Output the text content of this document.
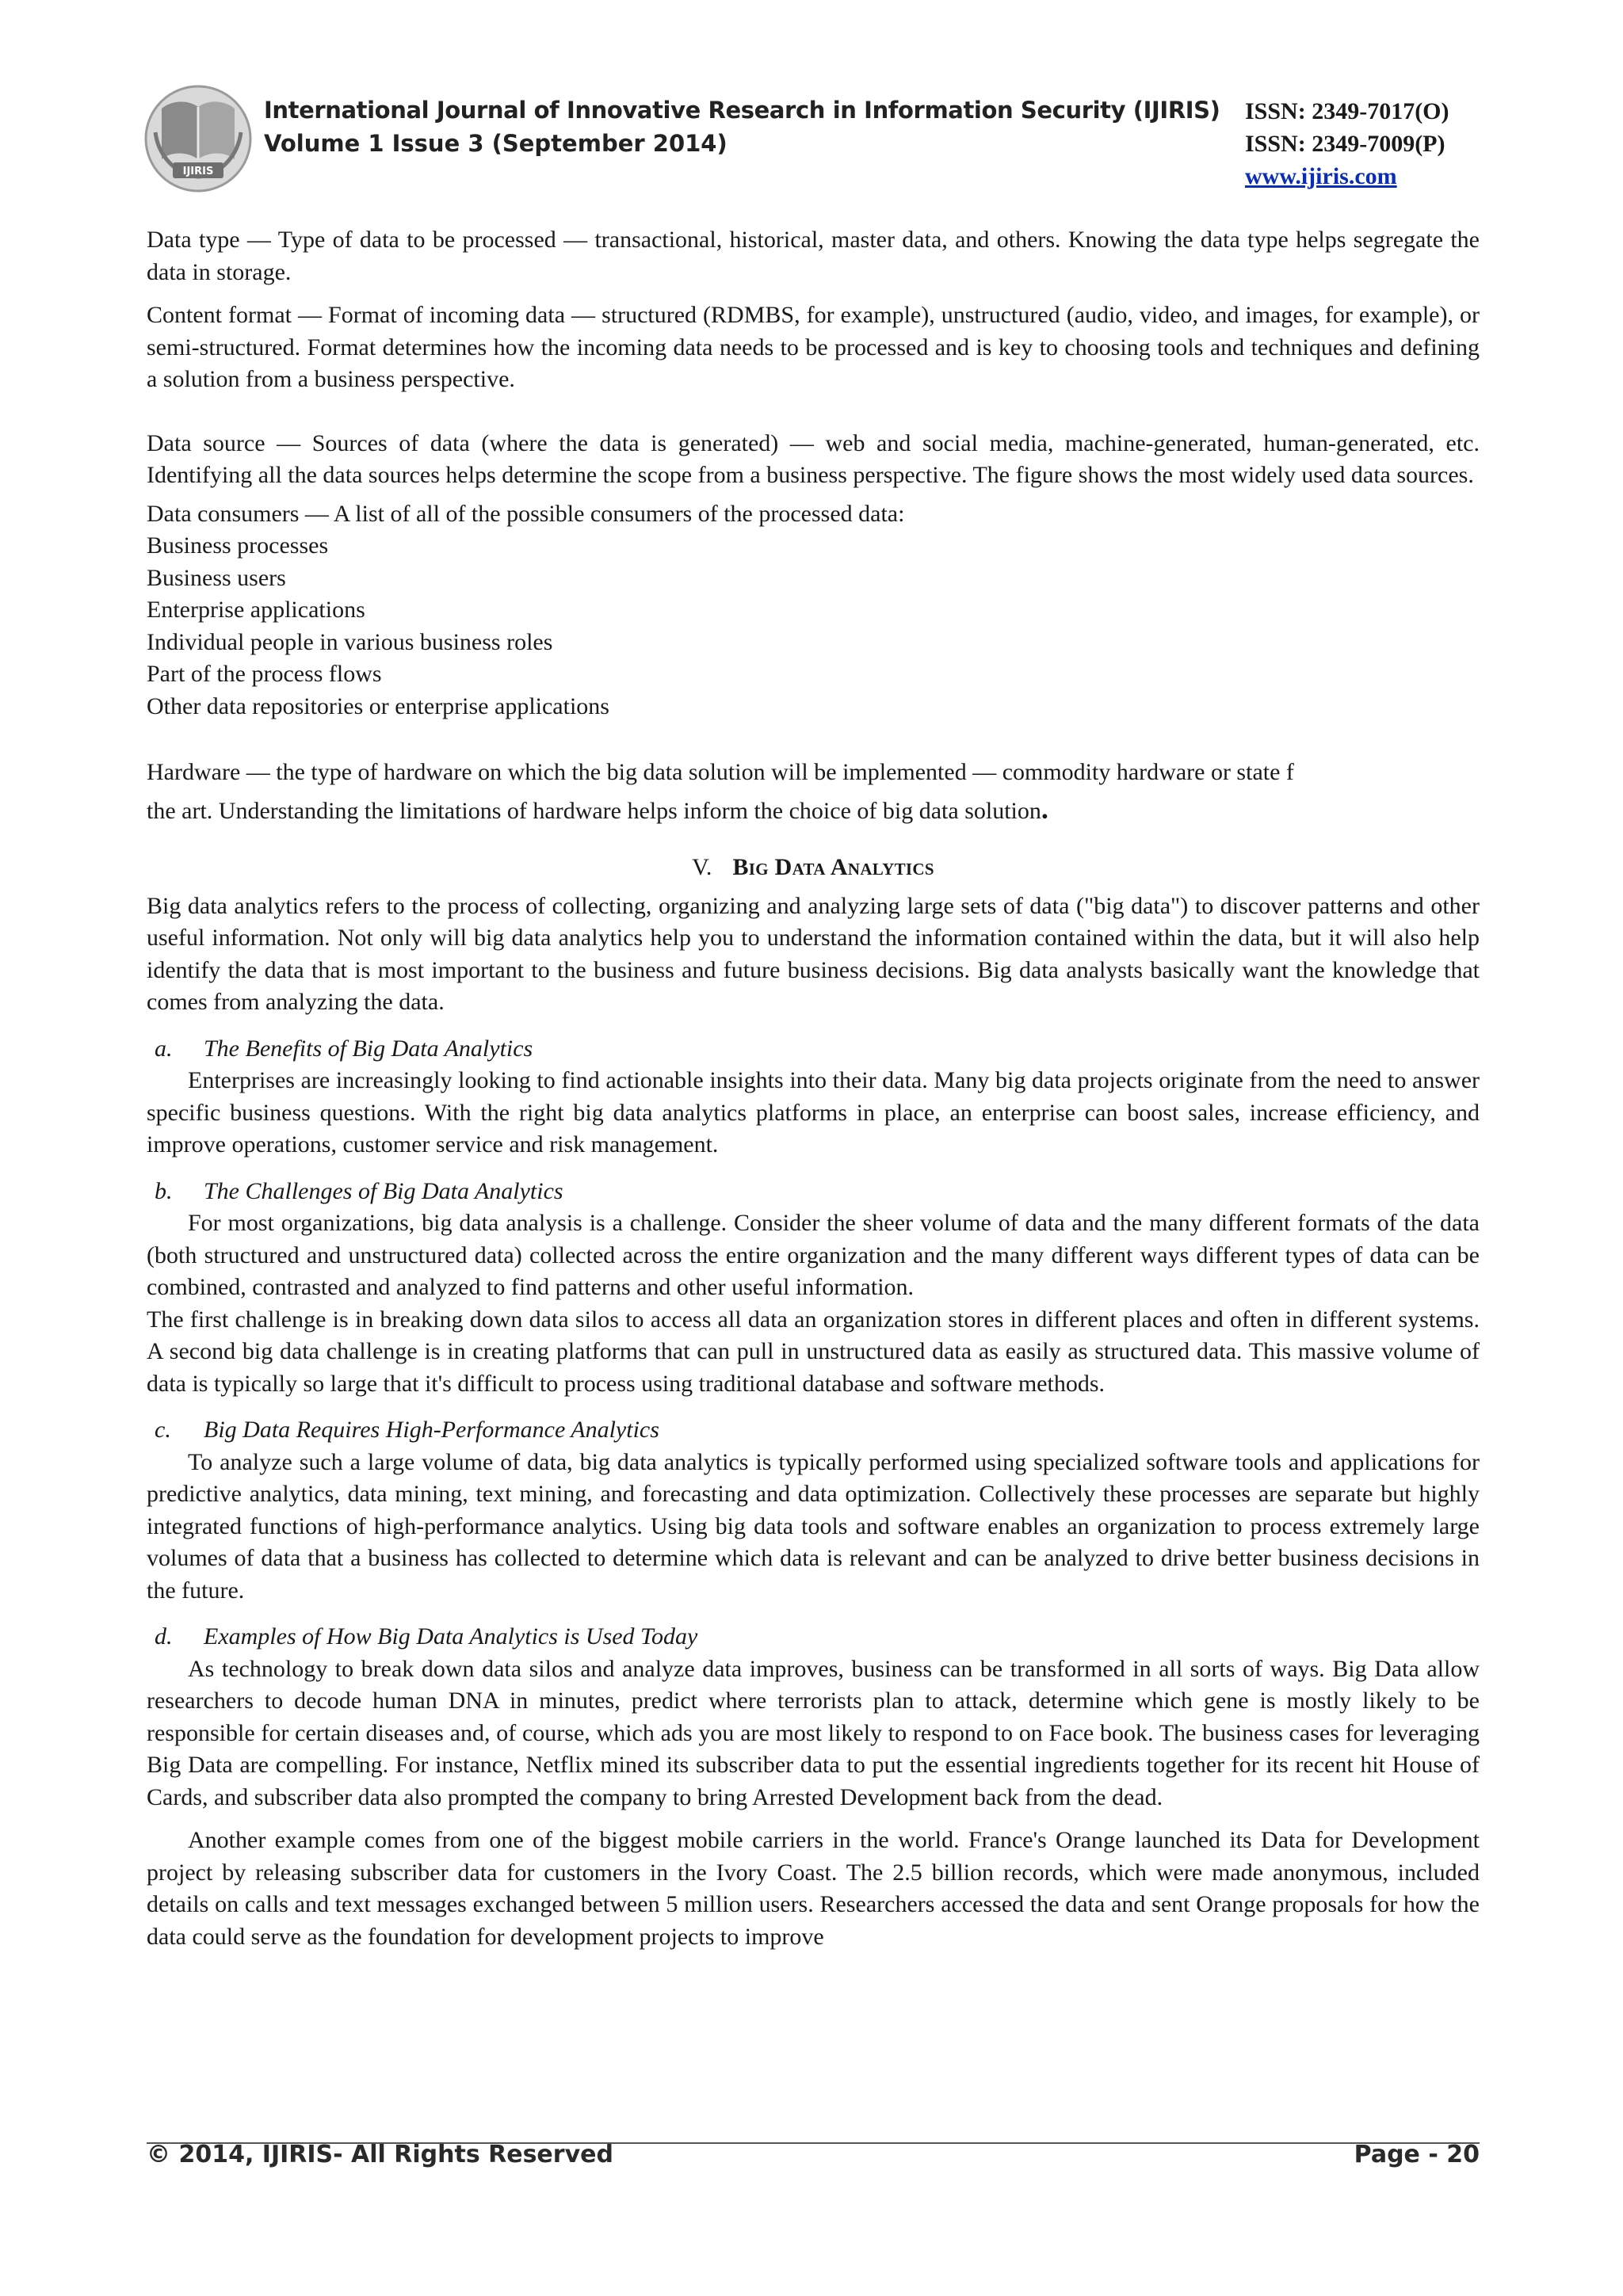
IJIRIS
International Journal of Innovative Research in Information Security (IJIRIS)
Volume 1 Issue 3 (September 2014)
ISSN: 2349-7017(O)
ISSN: 2349-7009(P)
www.ijiris.com

Data type — Type of data to be processed — transactional, historical, master data, and others. Knowing the data type helps segregate the data in storage.

Content format — Format of incoming data — structured (RDMBS, for example), unstructured (audio, video, and images, for example), or semi-structured. Format determines how the incoming data needs to be processed and is key to choosing tools and techniques and defining a solution from a business perspective.

Data source — Sources of data (where the data is generated) — web and social media, machine-generated, human-generated, etc. Identifying all the data sources helps determine the scope from a business perspective. The figure shows the most widely used data sources.

Data consumers — A list of all of the possible consumers of the processed data:

Business processes
Business users
Enterprise applications
Individual people in various business roles
Part of the process flows
Other data repositories or enterprise applications

Hardware — the type of hardware on which the big data solution will be implemented — commodity hardware or state f
the art. Understanding the limitations of hardware helps inform the choice of big data solution.

V. Big Data Analytics

Big data analytics refers to the process of collecting, organizing and analyzing large sets of data ("big data") to discover patterns and other useful information. Not only will big data analytics help you to understand the information contained within the data, but it will also help identify the data that is most important to the business and future business decisions. Big data analysts basically want the knowledge that comes from analyzing the data.

a. The Benefits of Big Data Analytics

Enterprises are increasingly looking to find actionable insights into their data. Many big data projects originate from the need to answer specific business questions. With the right big data analytics platforms in place, an enterprise can boost sales, increase efficiency, and improve operations, customer service and risk management.

b. The Challenges of Big Data Analytics

For most organizations, big data analysis is a challenge. Consider the sheer volume of data and the many different formats of the data (both structured and unstructured data) collected across the entire organization and the many different ways different types of data can be combined, contrasted and analyzed to find patterns and other useful information.

The first challenge is in breaking down data silos to access all data an organization stores in different places and often in different systems. A second big data challenge is in creating platforms that can pull in unstructured data as easily as structured data. This massive volume of data is typically so large that it's difficult to process using traditional database and software methods.

c. Big Data Requires High-Performance Analytics

To analyze such a large volume of data, big data analytics is typically performed using specialized software tools and applications for predictive analytics, data mining, text mining, and forecasting and data optimization. Collectively these processes are separate but highly integrated functions of high-performance analytics. Using big data tools and software enables an organization to process extremely large volumes of data that a business has collected to determine which data is relevant and can be analyzed to drive better business decisions in the future.

d. Examples of How Big Data Analytics is Used Today

As technology to break down data silos and analyze data improves, business can be transformed in all sorts of ways. Big Data allow researchers to decode human DNA in minutes, predict where terrorists plan to attack, determine which gene is mostly likely to be responsible for certain diseases and, of course, which ads you are most likely to respond to on Face book. The business cases for leveraging Big Data are compelling. For instance, Netflix mined its subscriber data to put the essential ingredients together for its recent hit House of Cards, and subscriber data also prompted the company to bring Arrested Development back from the dead.

Another example comes from one of the biggest mobile carriers in the world. France's Orange launched its Data for Development project by releasing subscriber data for customers in the Ivory Coast. The 2.5 billion records, which were made anonymous, included details on calls and text messages exchanged between 5 million users. Researchers accessed the data and sent Orange proposals for how the data could serve as the foundation for development projects to improve

© 2014, IJIRIS- All Rights Reserved	Page - 20
